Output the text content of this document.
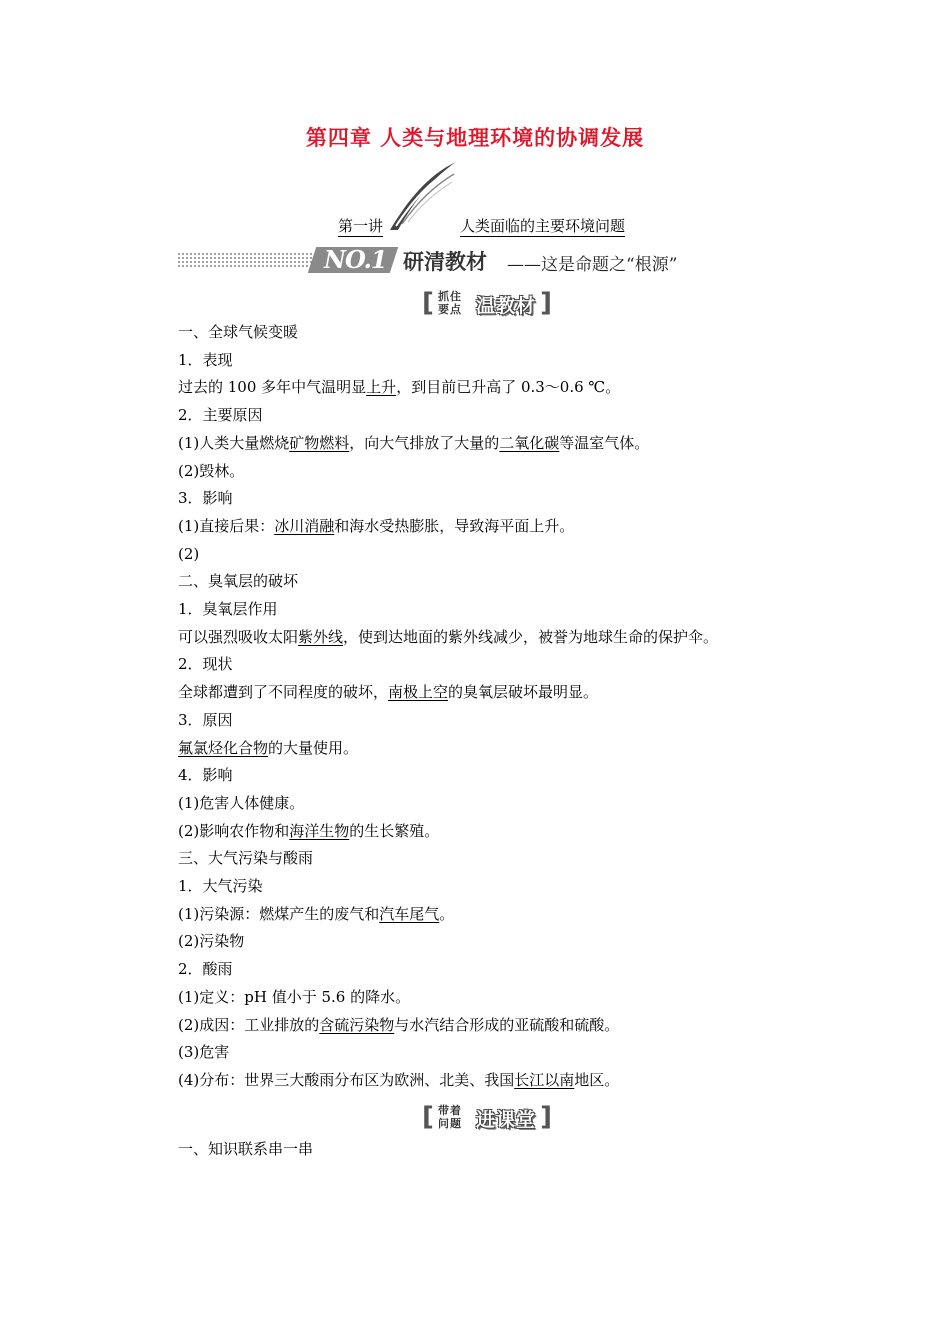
第四章 人类与地理环境的协调发展
第一讲	人类面临的主要环境问题
NO.1 研清教材 ——这是命题之“根源”
[ 抓住
要点 温教材 ]
一、全球气候变暖
1．表现
过去的 100 多年中气温明显上升，到目前已升高了 0.3～0.6 ℃。
2．主要原因
(1)人类大量燃烧矿物燃料，向大气排放了大量的二氧化碳等温室气体。
(2)毁林。
3．影响
(1)直接后果：冰川消融和海水受热膨胀，导致海平面上升。
(2)
二、臭氧层的破坏
1．臭氧层作用
可以强烈吸收太阳紫外线，使到达地面的紫外线减少，被誉为地球生命的保护伞。
2．现状
全球都遭到了不同程度的破坏，南极上空的臭氧层破坏最明显。
3．原因
氟氯烃化合物的大量使用。
4．影响
(1)危害人体健康。
(2)影响农作物和海洋生物的生长繁殖。
三、大气污染与酸雨
1．大气污染
(1)污染源：燃煤产生的废气和汽车尾气。
(2)污染物
2．酸雨
(1)定义：pH 值小于 5.6 的降水。
(2)成因：工业排放的含硫污染物与水汽结合形成的亚硫酸和硫酸。
(3)危害
(4)分布：世界三大酸雨分布区为欧洲、北美、我国长江以南地区。
[ 带着
问题 进课堂 ]
一、知识联系串一串
